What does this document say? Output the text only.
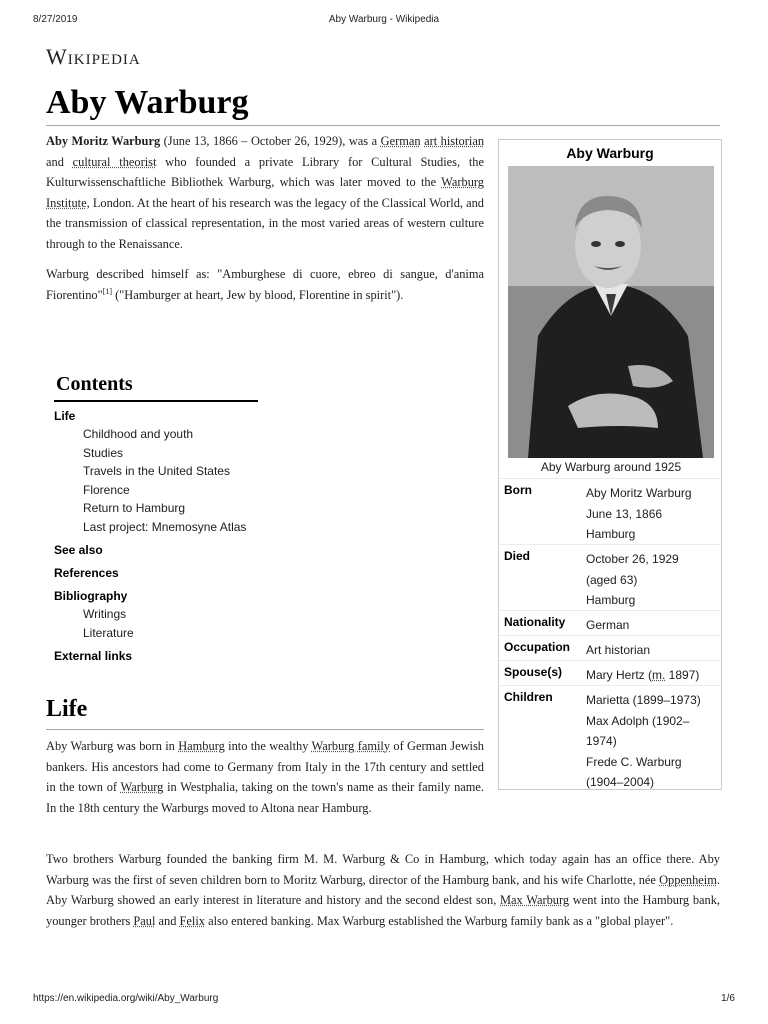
8/27/2019	Aby Warburg - Wikipedia
Wikipedia
Aby Warburg

Aby Moritz Warburg (June 13, 1866 – October 26, 1929), was a German art historian and cultural theorist who founded a private Library for Cultural Studies, the Kulturwissenschaftliche Bibliothek Warburg, which was later moved to the Warburg Institute, London. At the heart of his research was the legacy of the Classical World, and the transmission of classical representation, in the most varied areas of western culture through to the Renaissance.

Warburg described himself as: "Amburghese di cuore, ebreo di sangue, d'anima Fiorentino"[1] ("Hamburger at heart, Jew by blood, Florentine in spirit").

Contents
Life
Childhood and youth
Studies
Travels in the United States
Florence
Return to Hamburg
Last project: Mnemosyne Atlas
See also
References
Bibliography
Writings
Literature
External links
Life

Aby Warburg was born in Hamburg into the wealthy Warburg family of German Jewish bankers. His ancestors had come to Germany from Italy in the 17th century and settled in the town of Warburg in Westphalia, taking on the town's name as their family name. In the 18th century the Warburgs moved to Altona near Hamburg.

Two brothers Warburg founded the banking firm M. M. Warburg & Co in Hamburg, which today again has an office there. Aby Warburg was the first of seven children born to Moritz Warburg, director of the Hamburg bank, and his wife Charlotte, née Oppenheim. Aby Warburg showed an early interest in literature and history and the second eldest son, Max Warburg went into the Hamburg bank, younger brothers Paul and Felix also entered banking. Max Warburg established the Warburg family bank as a "global player".

Aby Warburg
Aby Warburg around 1925
Born	Aby Moritz Warburg
June 13, 1866
Hamburg
Died	October 26, 1929
(aged 63)
Hamburg
Nationality German
Occupation Art historian
Spouse(s) Mary Hertz (m. 1897)
Children	Marietta (1899–1973)
Max Adolph (1902–
1974)
Frede C. Warburg
(1904–2004)
https://en.wikipedia.org/wiki/Aby_Warburg	1/6
